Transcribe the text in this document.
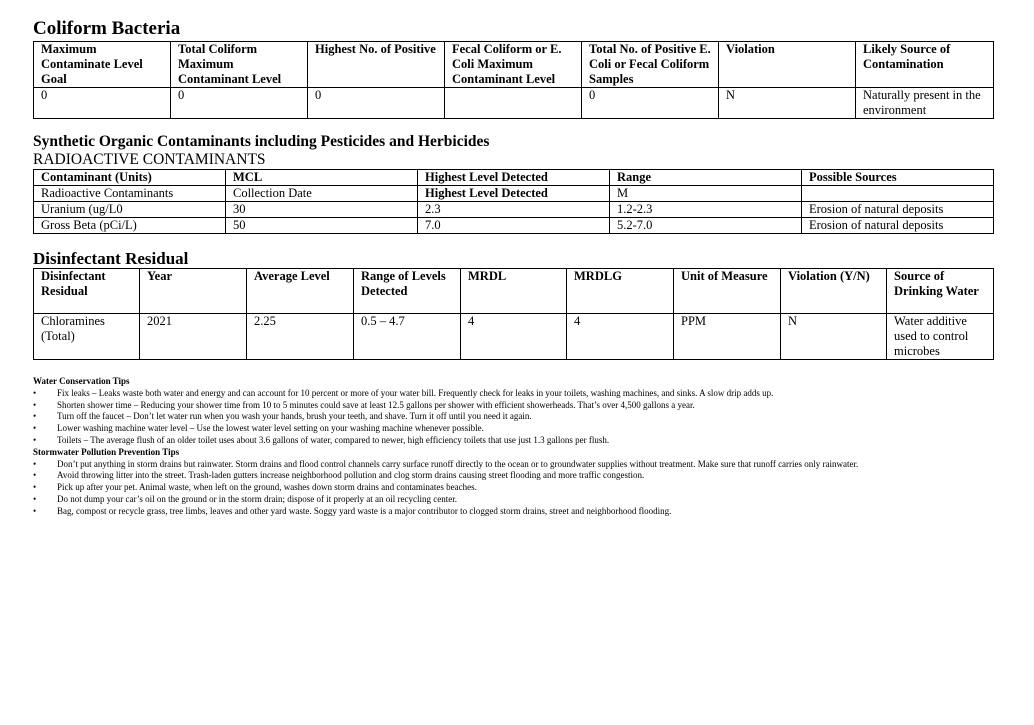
Coliform Bacteria
Maximum Contaminate Level Goal	Total Coliform Maximum Contaminant Level	Highest No. of Positive	Fecal Coliform or E. Coli Maximum Contaminant Level	Total No. of Positive E. Coli or Fecal Coliform Samples	Violation	Likely Source of Contamination
0	0	0		0	N	Naturally present in the environment

Synthetic Organic Contaminants including Pesticides and Herbicides

RADIOACTIVE CONTAMINANTS

Contaminant (Units)	MCL	Highest Level Detected	Range	Possible Sources
Radioactive Contaminants	Collection Date	Highest Level Detected	M	
Uranium (ug/L0	30	2.3	1.2-2.3	Erosion of natural deposits
Gross Beta (pCi/L)	50	7.0	5.2-7.0	Erosion of natural deposits
Disinfectant Residual
Disinfectant Residual	Year	Average Level	Range of Levels Detected	MRDL	MRDLG	Unit of Measure	Violation (Y/N)	Source of Drinking Water
Chloramines (Total)	2021	2.25	0.5 – 4.7	4	4	PPM	N	Water additive used to control microbes
Water Conservation Tips
• Fix leaks – Leaks waste both water and energy and can account for 10 percent or more of your water bill. Frequently check for leaks in your toilets, washing machines, and sinks. A slow drip adds up.
• Shorten shower time – Reducing your shower time from 10 to 5 minutes could save at least 12.5 gallons per shower with efficient showerheads. That’s over 4,500 gallons a year.
• Turn off the faucet – Don’t let water run when you wash your hands, brush your teeth, and shave. Turn it off until you need it again.
• Lower washing machine water level – Use the lowest water level setting on your washing machine whenever possible.
• Toilets – The average flush of an older toilet uses about 3.6 gallons of water, compared to newer, high efficiency toilets that use just 1.3 gallons per flush.
Stormwater Pollution Prevention Tips
• Don’t put anything in storm drains but rainwater. Storm drains and flood control channels carry surface runoff directly to the ocean or to groundwater supplies without treatment. Make sure that runoff carries only rainwater.
• Avoid throwing litter into the street. Trash-laden gutters increase neighborhood pollution and clog storm drains causing street flooding and more traffic congestion.
• Pick up after your pet. Animal waste, when left on the ground, washes down storm drains and contaminates beaches.
• Do not dump your car’s oil on the ground or in the storm drain; dispose of it properly at an oil recycling center.
• Bag, compost or recycle grass, tree limbs, leaves and other yard waste. Soggy yard waste is a major contributor to clogged storm drains, street and neighborhood flooding.
